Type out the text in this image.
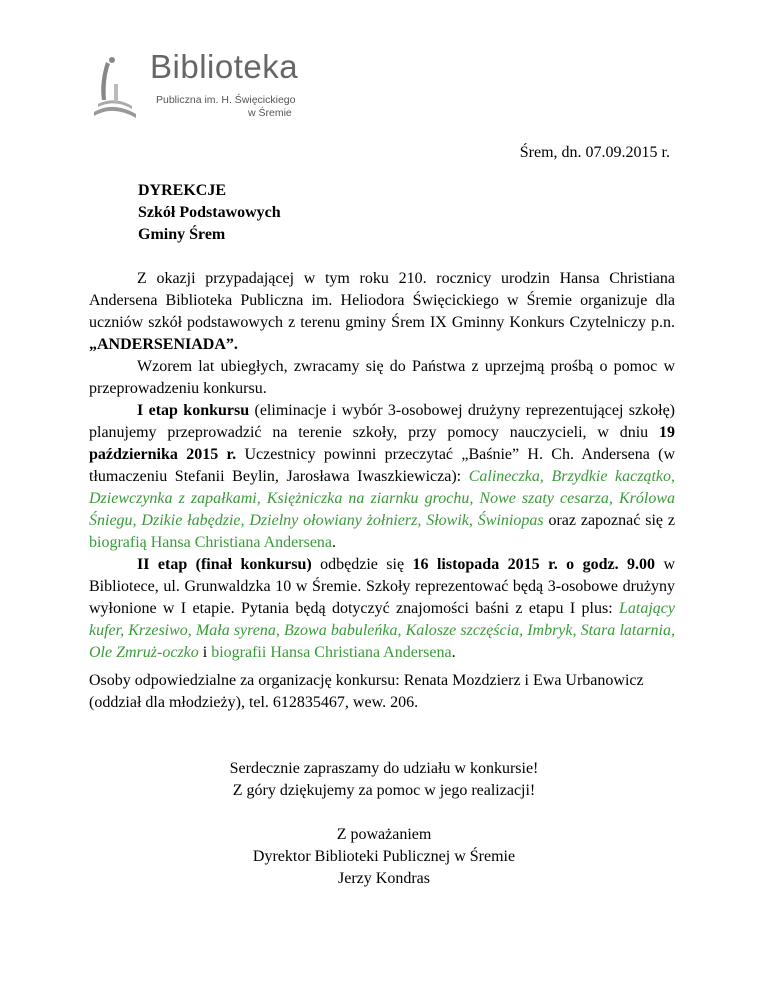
Biblioteka
Publiczna im. H. Święcickiego
w Śremie
Śrem, dn. 07.09.2015 r.
DYREKCJE
Szkół Podstawowych
Gminy Śrem

Z okazji przypadającej w tym roku 210. rocznicy urodzin Hansa Christiana Andersena Biblioteka Publiczna im. Heliodora Święcickiego w Śremie organizuje dla uczniów szkół podstawowych z terenu gminy Śrem IX Gminny Konkurs Czytelniczy p.n. „ANDERSENIADA”.

Wzorem lat ubiegłych, zwracamy się do Państwa z uprzejmą prośbą o pomoc w przeprowadzeniu konkursu.

I etap konkursu (eliminacje i wybór 3-osobowej drużyny reprezentującej szkołę) planujemy przeprowadzić na terenie szkoły, przy pomocy nauczycieli, w dniu 19 października 2015 r. Uczestnicy powinni przeczytać „Baśnie” H. Ch. Andersena (w tłumaczeniu Stefanii Beylin, Jarosława Iwaszkiewicza): Calineczka, Brzydkie kaczątko, Dziewczynka z zapałkami, Księżniczka na ziarnku grochu, Nowe szaty cesarza, Królowa Śniegu, Dzikie łabędzie, Dzielny ołowiany żołnierz, Słowik, Świniopas oraz zapoznać się z biografią Hansa Christiana Andersena.

II etap (finał konkursu) odbędzie się 16 listopada 2015 r. o godz. 9.00 w Bibliotece, ul. Grunwaldzka 10 w Śremie. Szkoły reprezentować będą 3-osobowe drużyny wyłonione w I etapie. Pytania będą dotyczyć znajomości baśni z etapu I plus: Latający kufer, Krzesiwo, Mała syrena, Bzowa babuleńka, Kalosze szczęścia, Imbryk, Stara latarnia, Ole Zmruż-oczko i biografii Hansa Christiana Andersena.

Osoby odpowiedzialne za organizację konkursu: Renata Mozdzierz i Ewa Urbanowicz (oddział dla młodzieży), tel. 612835467, wew. 206.

Serdecznie zapraszamy do udziału w konkursie!
Z góry dziękujemy za pomoc w jego realizacji!
Z poważaniem
Dyrektor Biblioteki Publicznej w Śremie
Jerzy Kondras
